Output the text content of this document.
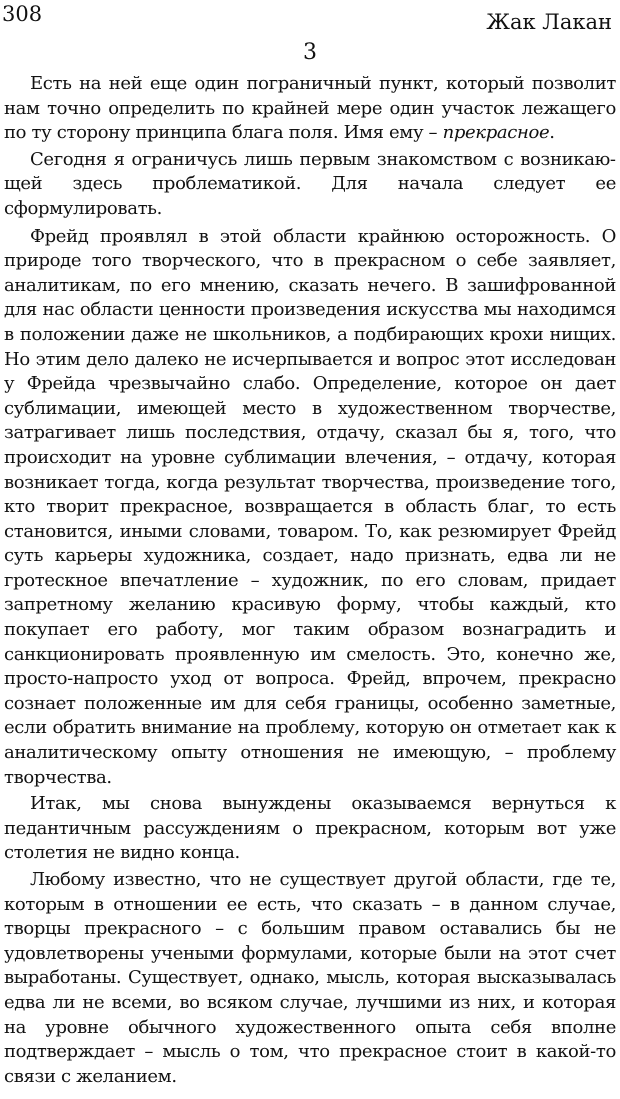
308	Жак Лакан
3

Есть на ней еще один пограничный пункт, который позволит нам точно определить по крайней мере один участок лежащего по ту сторону принципа блага поля. Имя ему – прекрасное.

Сегодня я ограничусь лишь первым знакомством с возникающей здесь проблематикой. Для начала следует ее сформулировать.

Фрейд проявлял в этой области крайнюю осторожность. О природе того творческого, что в прекрасном о себе заявляет, аналитикам, по его мнению, сказать нечего. В зашифрованной для нас области ценности произведения искусства мы находимся в положении даже не школьников, а подбирающих крохи нищих. Но этим дело далеко не исчерпывается и вопрос этот исследован у Фрейда чрезвычайно слабо. Определение, которое он дает сублимации, имеющей место в художественном творчестве, затрагивает лишь последствия, отдачу, сказал бы я, того, что происходит на уровне сублимации влечения, – отдачу, которая возникает тогда, когда результат творчества, произведение того, кто творит прекрасное, возвращается в область благ, то есть становится, иными словами, товаром. То, как резюмирует Фрейд суть карьеры художника, создает, надо признать, едва ли не гротескное впечатление – художник, по его словам, придает запретному желанию красивую форму, чтобы каждый, кто покупает его работу, мог таким образом вознаградить и санкционировать проявленную им смелость. Это, конечно же, просто-напросто уход от вопроса. Фрейд, впрочем, прекрасно сознает положенные им для себя границы, особенно заметные, если обратить внимание на проблему, которую он отметает как к аналитическому опыту отношения не имеющую, – проблему творчества.

Итак, мы снова вынуждены оказываемся вернуться к педантичным рассуждениям о прекрасном, которым вот уже столетия не видно конца.

Любому известно, что не существует другой области, где те, которым в отношении ее есть, что сказать – в данном случае, творцы прекрасного – с большим правом оставались бы не удовлетворены учеными формулами, которые были на этот счет выработаны. Существует, однако, мысль, которая высказывалась едва ли не всеми, во всяком случае, лучшими из них, и которая на уровне обычного художественного опыта себя вполне подтверждает – мысль о том, что прекрасное стоит в какой-то связи с желанием.
